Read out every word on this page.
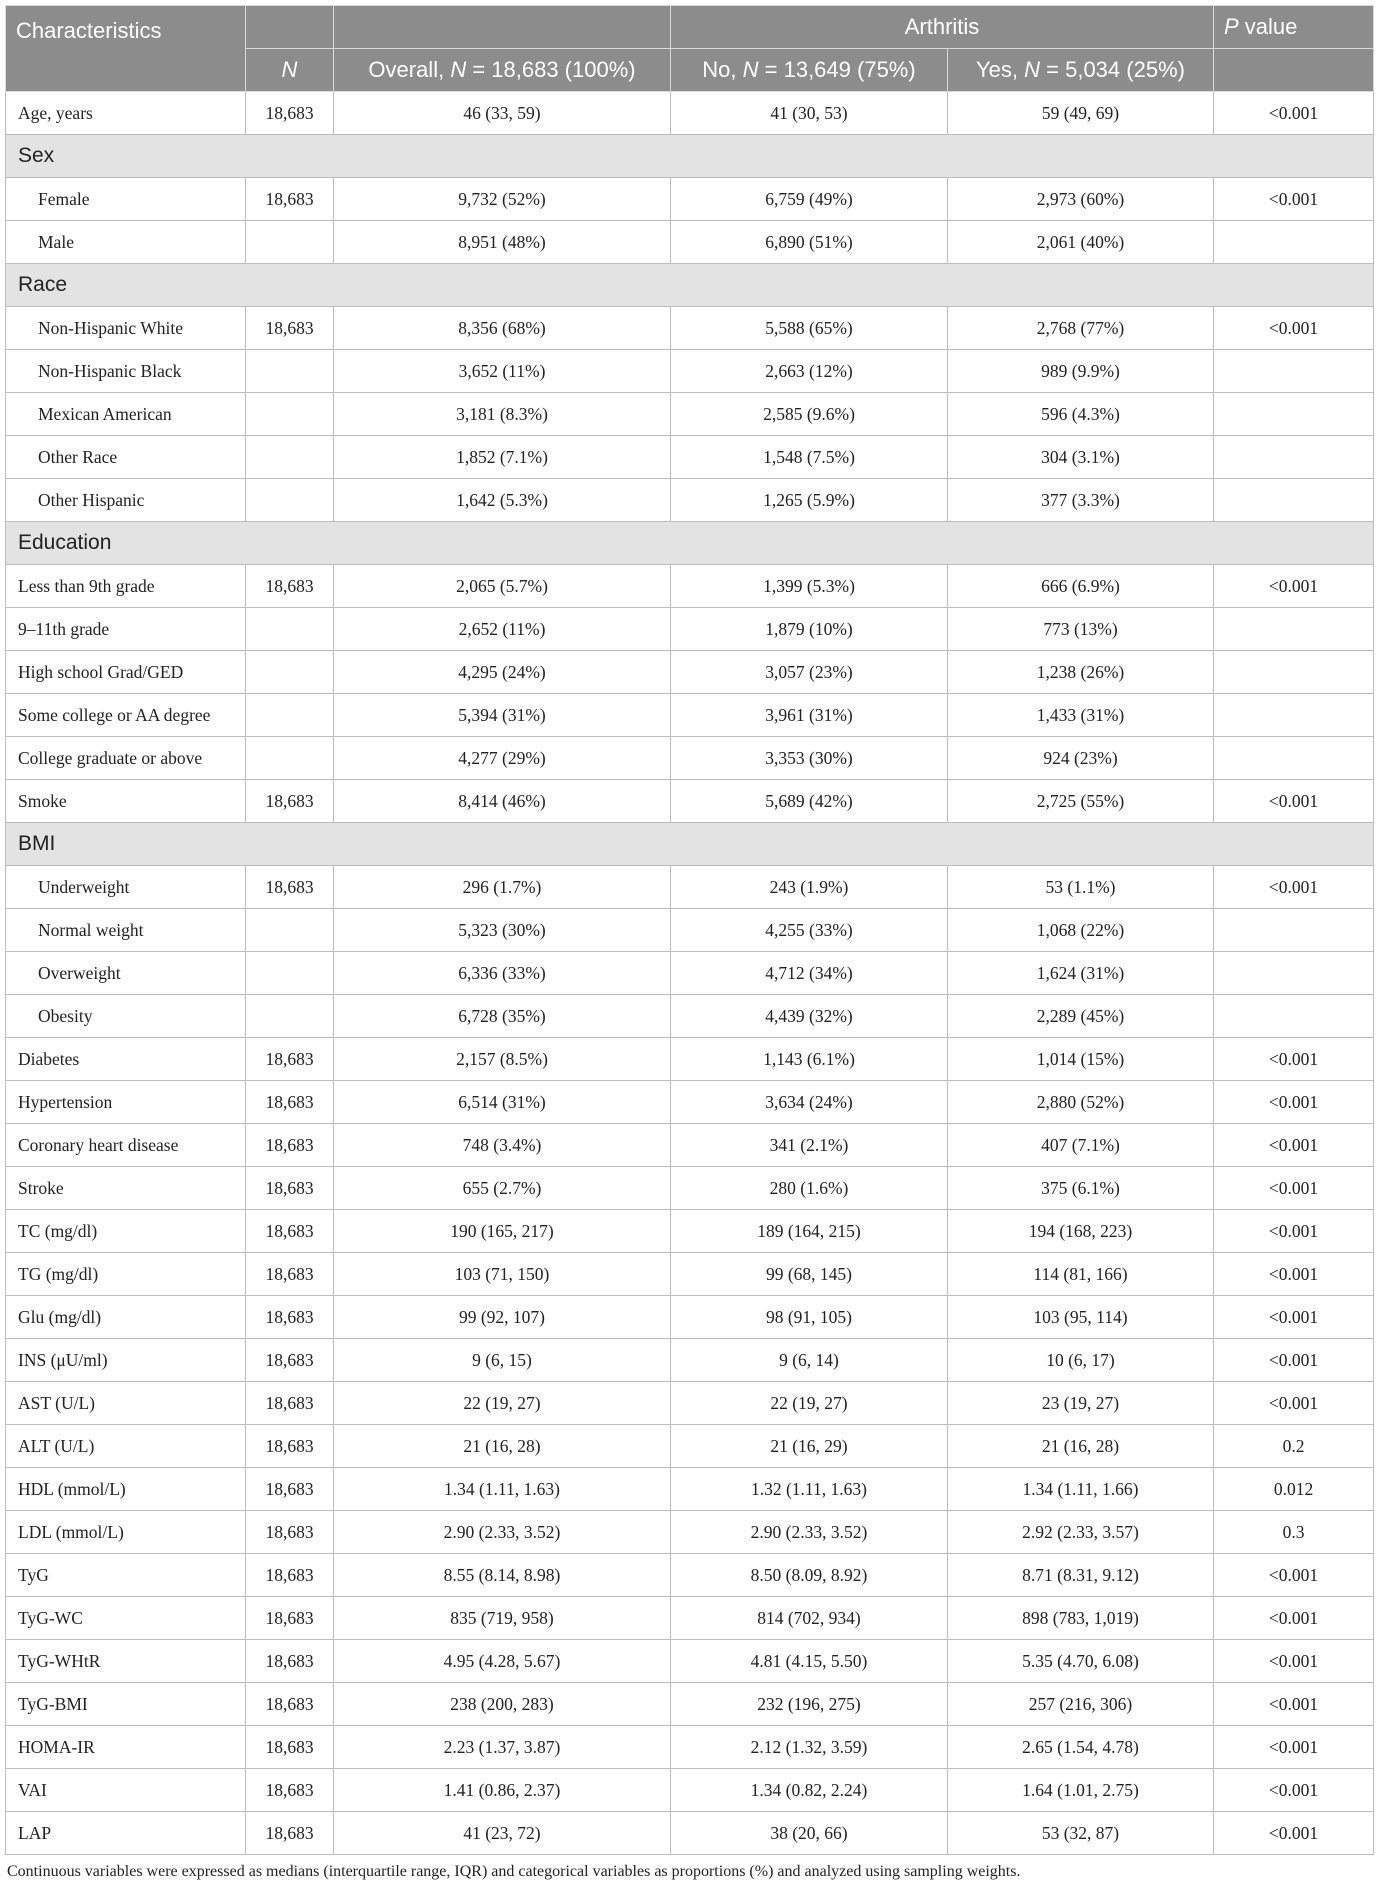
Characteristics			Arthritis		P value
	N	Overall, N = 18,683 (100%)	No, N = 13,649 (75%)	Yes, N = 5,034 (25%)	
Age, years	18,683	46 (33, 59)	41 (30, 53)	59 (49, 69)	<0.001
Sex					
Female	18,683	9,732 (52%)	6,759 (49%)	2,973 (60%)	<0.001
Male		8,951 (48%)	6,890 (51%)	2,061 (40%)	
Race					
Non-Hispanic White	18,683	8,356 (68%)	5,588 (65%)	2,768 (77%)	<0.001
Non-Hispanic Black		3,652 (11%)	2,663 (12%)	989 (9.9%)	
Mexican American		3,181 (8.3%)	2,585 (9.6%)	596 (4.3%)	
Other Race		1,852 (7.1%)	1,548 (7.5%)	304 (3.1%)	
Other Hispanic		1,642 (5.3%)	1,265 (5.9%)	377 (3.3%)	
Education					
Less than 9th grade	18,683	2,065 (5.7%)	1,399 (5.3%)	666 (6.9%)	<0.001
9–11th grade		2,652 (11%)	1,879 (10%)	773 (13%)	
High school Grad/GED		4,295 (24%)	3,057 (23%)	1,238 (26%)	
Some college or AA degree		5,394 (31%)	3,961 (31%)	1,433 (31%)	
College graduate or above		4,277 (29%)	3,353 (30%)	924 (23%)	
Smoke	18,683	8,414 (46%)	5,689 (42%)	2,725 (55%)	<0.001
BMI					
Underweight	18,683	296 (1.7%)	243 (1.9%)	53 (1.1%)	<0.001
Normal weight		5,323 (30%)	4,255 (33%)	1,068 (22%)	
Overweight		6,336 (33%)	4,712 (34%)	1,624 (31%)	
Obesity		6,728 (35%)	4,439 (32%)	2,289 (45%)	
Diabetes	18,683	2,157 (8.5%)	1,143 (6.1%)	1,014 (15%)	<0.001
Hypertension	18,683	6,514 (31%)	3,634 (24%)	2,880 (52%)	<0.001
Coronary heart disease	18,683	748 (3.4%)	341 (2.1%)	407 (7.1%)	<0.001
Stroke	18,683	655 (2.7%)	280 (1.6%)	375 (6.1%)	<0.001
TC (mg/dl)	18,683	190 (165, 217)	189 (164, 215)	194 (168, 223)	<0.001
TG (mg/dl)	18,683	103 (71, 150)	99 (68, 145)	114 (81, 166)	<0.001
Glu (mg/dl)	18,683	99 (92, 107)	98 (91, 105)	103 (95, 114)	<0.001
INS (μU/ml)	18,683	9 (6, 15)	9 (6, 14)	10 (6, 17)	<0.001
AST (U/L)	18,683	22 (19, 27)	22 (19, 27)	23 (19, 27)	<0.001
ALT (U/L)	18,683	21 (16, 28)	21 (16, 29)	21 (16, 28)	0.2
HDL (mmol/L)	18,683	1.34 (1.11, 1.63)	1.32 (1.11, 1.63)	1.34 (1.11, 1.66)	0.012
LDL (mmol/L)	18,683	2.90 (2.33, 3.52)	2.90 (2.33, 3.52)	2.92 (2.33, 3.57)	0.3
TyG	18,683	8.55 (8.14, 8.98)	8.50 (8.09, 8.92)	8.71 (8.31, 9.12)	<0.001
TyG-WC	18,683	835 (719, 958)	814 (702, 934)	898 (783, 1,019)	<0.001
TyG-WHtR	18,683	4.95 (4.28, 5.67)	4.81 (4.15, 5.50)	5.35 (4.70, 6.08)	<0.001
TyG-BMI	18,683	238 (200, 283)	232 (196, 275)	257 (216, 306)	<0.001
HOMA-IR	18,683	2.23 (1.37, 3.87)	2.12 (1.32, 3.59)	2.65 (1.54, 4.78)	<0.001
VAI	18,683	1.41 (0.86, 2.37)	1.34 (0.82, 2.24)	1.64 (1.01, 2.75)	<0.001
LAP	18,683	41 (23, 72)	38 (20, 66)	53 (32, 87)	<0.001
Continuous variables were expressed as medians (interquartile range, IQR) and categorical variables as proportions (%) and analyzed using sampling weights.
